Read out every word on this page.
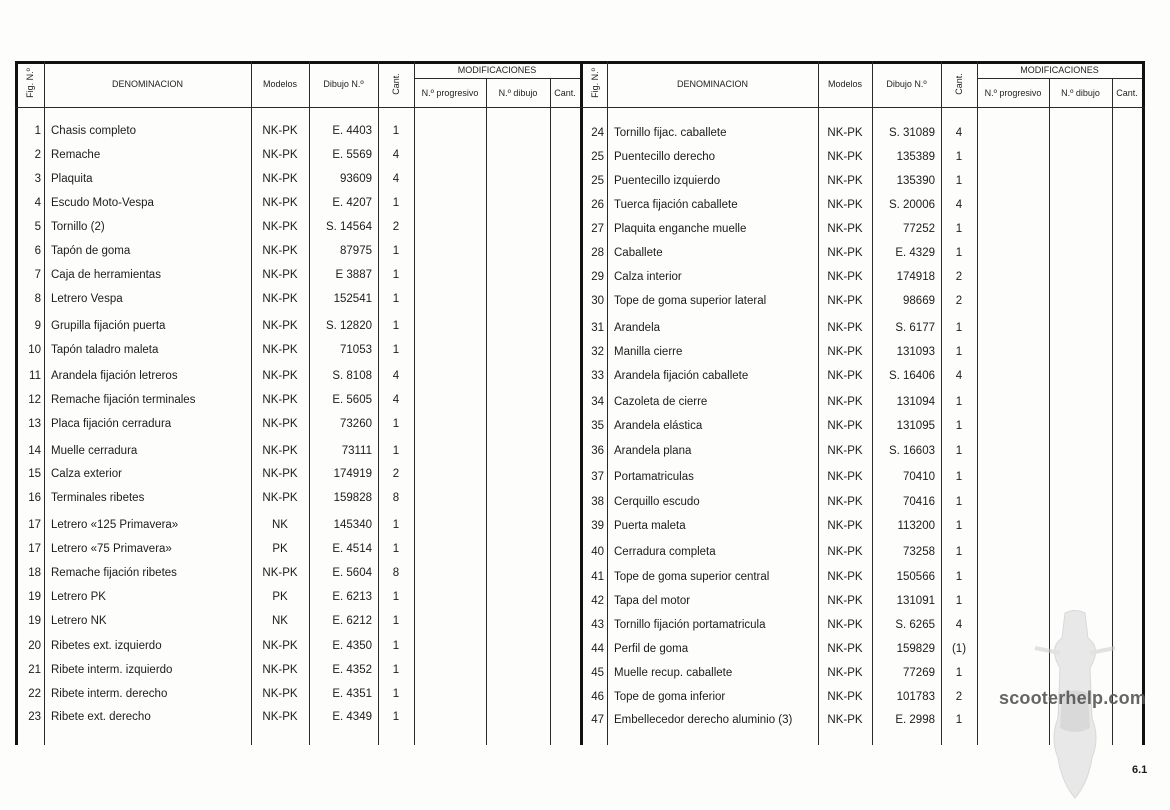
Fig. N.º	DENOMINACION	Modelos	Dibujo N.º	Cant.
MODIFICACIONES
N.º progresivo	N.º dibujo	Cant.
1 Chasis completo	NK-PK	E. 4403	1
2 Remache	NK-PK	E. 5569	4
3 Plaquita	NK-PK	93609	4
4 Escudo Moto-Vespa	NK-PK	E. 4207	1
5 Tornillo (2)	NK-PK	S. 14564	2
6 Tapón de goma	NK-PK	87975	1
7 Caja de herramientas	NK-PK	E 3887	1
8 Letrero Vespa	NK-PK	152541	1
9 Grupilla fijación puerta	NK-PK	S. 12820	1
10 Tapón taladro maleta	NK-PK	71053	1
11 Arandela fijación letreros	NK-PK	S. 8108	4
12 Remache fijación terminales	NK-PK	E. 5605	4
13 Placa fijación cerradura	NK-PK	73260	1
14 Muelle cerradura	NK-PK	73111	1
15 Calza exterior	NK-PK	174919	2
16 Terminales ribetes	NK-PK	159828	8
17 Letrero «125 Primavera»	NK	145340	1
17 Letrero «75 Primavera»	PK	E. 4514	1
18 Remache fijación ribetes	NK-PK	E. 5604	8
19 Letrero PK	PK	E. 6213	1
19 Letrero NK	NK	E. 6212	1
20 Ribetes ext. izquierdo	NK-PK	E. 4350	1
21 Ribete interm. izquierdo	NK-PK	E. 4352	1
22 Ribete interm. derecho	NK-PK	E. 4351	1
23 Ribete ext. derecho	NK-PK	E. 4349	1
Fig. N.º	DENOMINACION	Modelos	Dibujo N.º	Cant.
MODIFICACIONES
N.º progresivo	N.º dibujo	Cant.
24 Tornillo fijac. caballete	NK-PK	S. 31089	4
25 Puentecillo derecho	NK-PK	135389	1
25 Puentecillo izquierdo	NK-PK	135390	1
26 Tuerca fijación caballete	NK-PK	S. 20006	4
27 Plaquita enganche muelle	NK-PK	77252	1
28 Caballete	NK-PK	E. 4329	1
29 Calza interior	NK-PK	174918	2
30 Tope de goma superior lateral	NK-PK	98669	2
31 Arandela	NK-PK	S. 6177	1
32 Manilla cierre	NK-PK	131093	1
33 Arandela fijación caballete	NK-PK	S. 16406	4
34 Cazoleta de cierre	NK-PK	131094	1
35 Arandela elástica	NK-PK	131095	1
36 Arandela plana	NK-PK	S. 16603	1
37 Portamatriculas	NK-PK	70410	1
38 Cerquillo escudo	NK-PK	70416	1
39 Puerta maleta	NK-PK	113200	1
40 Cerradura completa	NK-PK	73258	1
41 Tope de goma superior central	NK-PK	150566	1
42 Tapa del motor	NK-PK	131091	1
43 Tornillo fijación portamatricula	NK-PK	S. 6265	4
44 Perfil de goma	NK-PK	159829	(1)
45 Muelle recup. caballete	NK-PK	77269	1
46 Tope de goma inferior	NK-PK	101783	2
47 Embellecedor derecho aluminio (3)	NK-PK	E. 2998	1
scooterhelp.com
6.1
